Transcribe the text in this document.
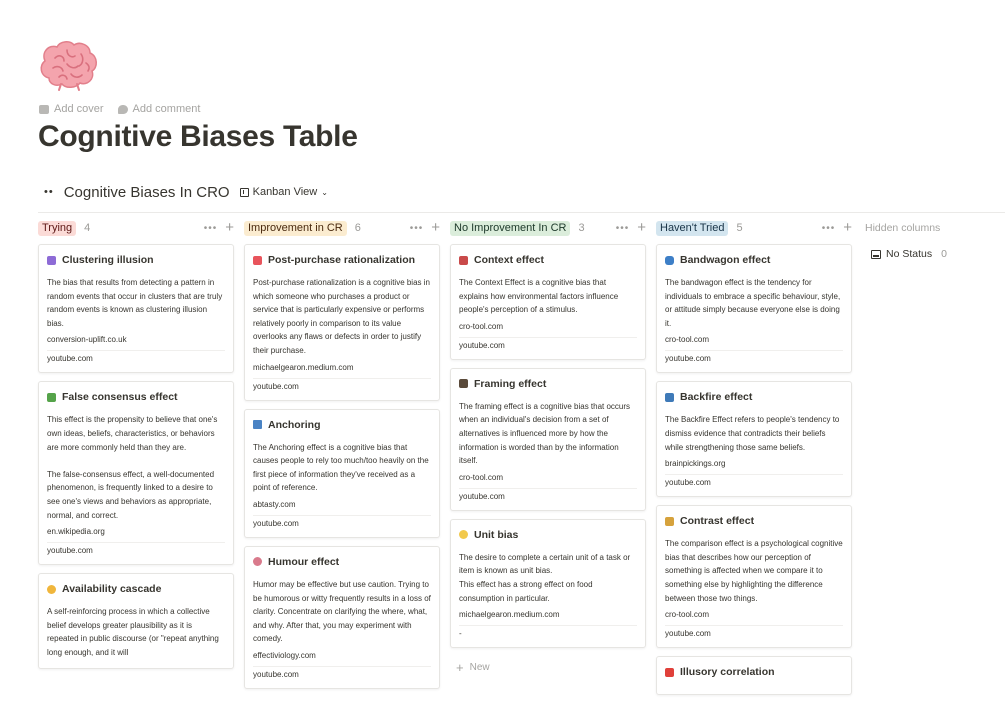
Add cover	Add comment
Cognitive Biases Table
•• Cognitive Biases In CRO Kanban View ⌄
Trying	4	••• +
Clustering illusion
The bias that results from detecting a pattern in random events that occur in clusters that are truly random events is known as clustering illusion bias.
conversion-uplift.co.uk
youtube.com
False consensus effect
This effect is the propensity to believe that one's own ideas, beliefs, characteristics, or behaviors are more commonly held than they are.

The false-consensus effect, a well-documented phenomenon, is frequently linked to a desire to see one's views and behaviors as appropriate, normal, and correct.
en.wikipedia.org
youtube.com
Availability cascade
A self-reinforcing process in which a collective belief develops greater plausibility as it is repeated in public discourse (or "repeat anything long enough, and it will
Improvement in CR	6	••• +
Post-purchase rationalization
Post-purchase rationalization is a cognitive bias in which someone who purchases a product or service that is particularly expensive or performs relatively poorly in comparison to its value overlooks any flaws or defects in order to justify their purchase.
michaelgearon.medium.com
youtube.com
Anchoring
The Anchoring effect is a cognitive bias that causes people to rely too much/too heavily on the first piece of information they've received as a point of reference.
abtasty.com
youtube.com
Humour effect
Humor may be effective but use caution. Trying to be humorous or witty frequently results in a loss of clarity. Concentrate on clarifying the where, what, and why. After that, you may experiment with comedy.
effectiviology.com
youtube.com
No Improvement In CR	3	••• +
Context effect
The Context Effect is a cognitive bias that explains how environmental factors influence people's perception of a stimulus.
cro-tool.com
youtube.com
Framing effect
The framing effect is a cognitive bias that occurs when an individual's decision from a set of alternatives is influenced more by how the information is worded than by the information itself.
cro-tool.com
youtube.com
Unit bias
The desire to complete a certain unit of a task or item is known as unit bias.
This effect has a strong effect on food consumption in particular.
michaelgearon.medium.com
-
+ New
Haven't Tried	5	••• +
Bandwagon effect
The bandwagon effect is the tendency for individuals to embrace a specific behaviour, style, or attitude simply because everyone else is doing it.
cro-tool.com
youtube.com
Backfire effect
The Backfire Effect refers to people's tendency to dismiss evidence that contradicts their beliefs while strengthening those same beliefs.
brainpickings.org
youtube.com
Contrast effect
The comparison effect is a psychological cognitive bias that describes how our perception of something is affected when we compare it to something else by highlighting the difference between those two things.
cro-tool.com
youtube.com
Illusory correlation
Hidden columns
No Status 0
